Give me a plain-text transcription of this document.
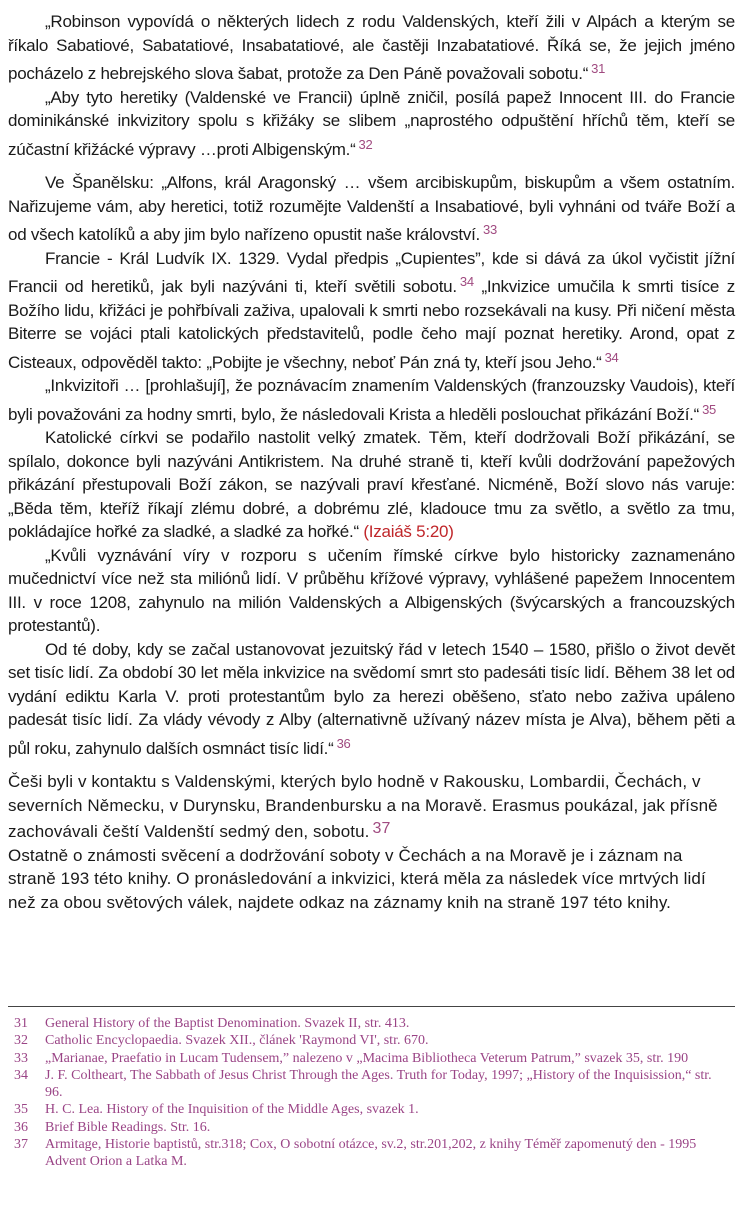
„Robinson vypovídá o některých lidech z rodu Valdenských, kteří žili v Alpách a kterým se říkalo Sabatiové, Sabatatiové, Insabatatiové, ale častěji Inzabatatiové. Říká se, že jejich jméno pocházelo z hebrejského slova šabat, protože za Den Páně považovali sobotu.“ $^{31}$

„Aby tyto heretiky (Valdenské ve Francii) úplně zničil, posílá papež Innocent III. do Francie dominikánské inkvizitory spolu s křižáky se slibem „naprostého odpuštění hříchů těm, kteří se zúčastní křižácké výpravy …proti Albigenským.“ $^{32}$

Ve Španělsku: „Alfons, král Aragonský … všem arcibiskupům, biskupům a všem ostatním. Nařizujeme vám, aby heretici, totiž rozumějte Valdenští a Insabatiové, byli vyhnáni od tváře Boží a od všech katolíků a aby jim bylo nařízeno opustit naše království. $^{33}$

Francie - Král Ludvík IX. 1329. Vydal předpis „Cupientes”, kde si dává za úkol vyčistit jížní Francii od heretiků, jak byli nazýváni ti, kteří světili sobotu. $^{34}$ „Inkvizice umučila k smrti tisíce z Božího lidu, křižáci je pohřbívali zaživa, upalovali k smrti nebo rozsekávali na kusy. Při ničení města Biterre se vojáci ptali katolických představitelů, podle čeho mají poznat heretiky. Arond, opat z Cisteaux, odpověděl takto: „Pobijte je všechny, neboť Pán zná ty, kteří jsou Jeho.“ $^{34}$

„Inkvizitoři … [prohlašují], že poznávacím znamením Valdenských (franzouzsky Vaudois), kteří byli považováni za hodny smrti, bylo, že následovali Krista a hleděli poslouchat přikázání Boží.“ $^{35}$

Katolické církvi se podařilo nastolit velký zmatek. Těm, kteří dodržovali Boží přikázání, se spílalo, dokonce byli nazýváni Antikristem. Na druhé straně ti, kteří kvůli dodržování papežových přikázání přestupovali Boží zákon, se nazývali praví křesťané. Nicméně, Boží slovo nás varuje: „Běda těm, kteříž říkají zlému dobré, a dobrému zlé, kladouce tmu za světlo, a světlo za tmu, pokládajíce hořké za sladké, a sladké za hořké.“ (Izaiáš 5:20)

„Kvůli vyznávání víry v rozporu s učením římské církve bylo historicky zaznamenáno mučednictví více než sta miliónů lidí. V průběhu křížové výpravy, vyhlášené papežem Innocentem III. v roce 1208, zahynulo na milión Valdenských a Albigenských (švýcarských a francouzských protestantů).

Od té doby, kdy se začal ustanovovat jezuitský řád v letech 1540 – 1580, přišlo o život devět set tisíc lidí. Za období 30 let měla inkvizice na svědomí smrt sto padesáti tisíc lidí. Během 38 let od vydání ediktu Karla V. proti protestantům bylo za herezi oběšeno, sťato nebo zaživa upáleno padesát tisíc lidí. Za vlády vévody z Alby (alternativně užívaný název místa je Alva), během pěti a půl roku, zahynulo dalších osmnáct tisíc lidí.“ $^{36}$

Češi byli v kontaktu s Valdenskými, kterých bylo hodně v Rakousku, Lombardii, Čechách, v severních Německu, v Durynsku, Brandenbursku a na Moravě. Erasmus poukázal, jak přísně zachovávali čeští Valdenští sedmý den, sobotu. $^{37}$

Ostatně o známosti svěcení a dodržování soboty v Čechách a na Moravě je i záznam na straně 193 této knihy. O pronásledování a inkvizici, která měla za následek více mrtvých lidí než za obou světových válek, najdete odkaz na záznamy knih na straně 197 této knihy.

31	General History of the Baptist Denomination. Svazek II, str. 413.
32	Catholic Encyclopaedia. Svazek XII., článek 'Raymond VI', str. 670.
33	„Marianae, Praefatio in Lucam Tudensem,” nalezeno v „Macima Bibliotheca Veterum Patrum,” svazek 35, str. 190
34	J. F. Coltheart, The Sabbath of Jesus Christ Through the Ages. Truth for Today, 1997; „History of the Inquisission,“ str. 96.
35	H. C. Lea. History of the Inquisition of the Middle Ages, svazek 1.
36	Brief Bible Readings. Str. 16.
37	Armitage, Historie baptistů, str.318; Cox, O sobotní otázce, sv.2, str.201,202, z knihy Téměř zapomenutý den - 1995 Advent Orion a Latka M.
